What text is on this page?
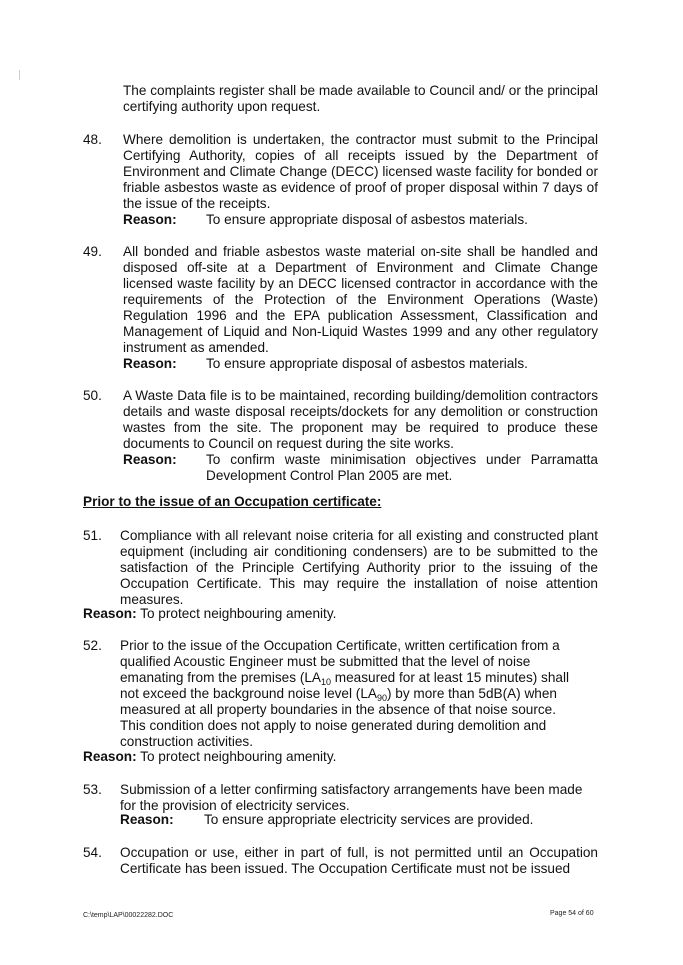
The complaints register shall be made available to Council and/ or the principal certifying authority upon request.
48. Where demolition is undertaken, the contractor must submit to the Principal Certifying Authority, copies of all receipts issued by the Department of Environment and Climate Change (DECC) licensed waste facility for bonded or friable asbestos waste as evidence of proof of proper disposal within 7 days of the issue of the receipts.
Reason: To ensure appropriate disposal of asbestos materials.
49. All bonded and friable asbestos waste material on-site shall be handled and disposed off-site at a Department of Environment and Climate Change licensed waste facility by an DECC licensed contractor in accordance with the requirements of the Protection of the Environment Operations (Waste) Regulation 1996 and the EPA publication Assessment, Classification and Management of Liquid and Non-Liquid Wastes 1999 and any other regulatory instrument as amended.
Reason: To ensure appropriate disposal of asbestos materials.
50. A Waste Data file is to be maintained, recording building/demolition contractors details and waste disposal receipts/dockets for any demolition or construction wastes from the site. The proponent may be required to produce these documents to Council on request during the site works.
Reason: To confirm waste minimisation objectives under Parramatta Development Control Plan 2005 are met.
Prior to the issue of an Occupation certificate:
51. Compliance with all relevant noise criteria for all existing and constructed plant equipment (including air conditioning condensers) are to be submitted to the satisfaction of the Principle Certifying Authority prior to the issuing of the Occupation Certificate. This may require the installation of noise attention measures.
Reason: To protect neighbouring amenity.
52. Prior to the issue of the Occupation Certificate, written certification from a qualified Acoustic Engineer must be submitted that the level of noise emanating from the premises ($LA_{10}$ measured for at least 15 minutes) shall not exceed the background noise level $(LA_{90})$ by more than 5dB(A) when measured at all property boundaries in the absence of that noise source. This condition does not apply to noise generated during demolition and construction activities.
Reason: To protect neighbouring amenity.
53. Submission of a letter confirming satisfactory arrangements have been made for the provision of electricity services.
Reason: To ensure appropriate electricity services are provided.
54. Occupation or use, either in part of full, is not permitted until an Occupation Certificate has been issued. The Occupation Certificate must not be issued
C:\temp\LAP\00022282.DOC	Page 54 of 60
